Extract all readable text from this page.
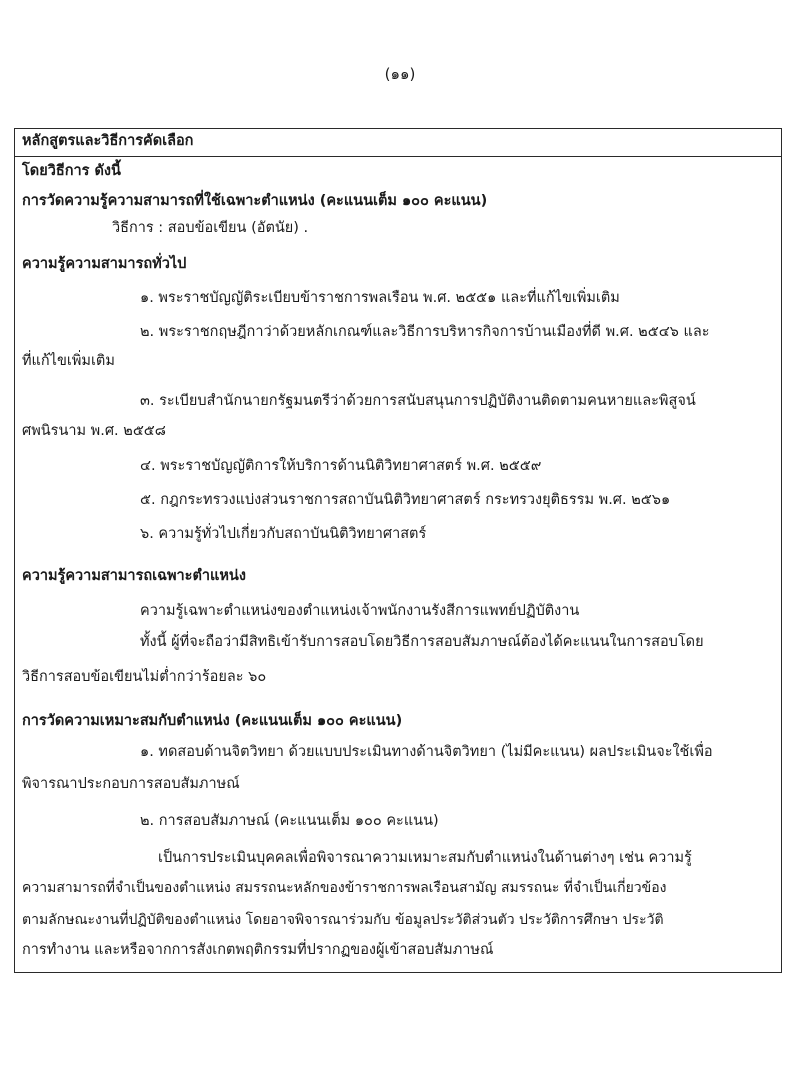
(๑๑)
หลักสูตรและวิธีการคัดเลือก
โดยวิธีการ ดังนี้
การวัดความรู้ความสามารถที่ใช้เฉพาะตำแหน่ง (คะแนนเต็ม ๑๐๐ คะแนน)
วิธีการ : สอบข้อเขียน (อัตนัย) .
ความรู้ความสามารถทั่วไป
๑. พระราชบัญญัติระเบียบข้าราชการพลเรือน พ.ศ. ๒๕๕๑ และที่แก้ไขเพิ่มเติม
๒. พระราชกฤษฎีกาว่าด้วยหลักเกณฑ์และวิธีการบริหารกิจการบ้านเมืองที่ดี พ.ศ. ๒๕๔๖ และ
ที่แก้ไขเพิ่มเติม
๓. ระเบียบสำนักนายกรัฐมนตรีว่าด้วยการสนับสนุนการปฏิบัติงานติดตามคนหายและพิสูจน์
ศพนิรนาม พ.ศ. ๒๕๕๘
๔. พระราชบัญญัติการให้บริการด้านนิติวิทยาศาสตร์ พ.ศ. ๒๕๕๙
๕. กฎกระทรวงแบ่งส่วนราชการสถาบันนิติวิทยาศาสตร์ กระทรวงยุติธรรม พ.ศ. ๒๕๖๑
๖. ความรู้ทั่วไปเกี่ยวกับสถาบันนิติวิทยาศาสตร์
ความรู้ความสามารถเฉพาะตำแหน่ง
ความรู้เฉพาะตำแหน่งของตำแหน่งเจ้าพนักงานรังสีการแพทย์ปฏิบัติงาน
ทั้งนี้ ผู้ที่จะถือว่ามีสิทธิเข้ารับการสอบโดยวิธีการสอบสัมภาษณ์ต้องได้คะแนนในการสอบโดย
วิธีการสอบข้อเขียนไม่ต่ำกว่าร้อยละ ๖๐
การวัดความเหมาะสมกับตำแหน่ง (คะแนนเต็ม ๑๐๐ คะแนน)
๑. ทดสอบด้านจิตวิทยา ด้วยแบบประเมินทางด้านจิตวิทยา (ไม่มีคะแนน) ผลประเมินจะใช้เพื่อ
พิจารณาประกอบการสอบสัมภาษณ์
๒. การสอบสัมภาษณ์ (คะแนนเต็ม ๑๐๐ คะแนน)
เป็นการประเมินบุคคลเพื่อพิจารณาความเหมาะสมกับตำแหน่งในด้านต่างๆ เช่น ความรู้
ความสามารถที่จำเป็นของตำแหน่ง สมรรถนะหลักของข้าราชการพลเรือนสามัญ สมรรถนะ ที่จำเป็นเกี่ยวข้อง
ตามลักษณะงานที่ปฏิบัติของตำแหน่ง โดยอาจพิจารณาร่วมกับ ข้อมูลประวัติส่วนตัว ประวัติการศึกษา ประวัติ
การทำงาน และหรือจากการสังเกตพฤติกรรมที่ปรากฏของผู้เข้าสอบสัมภาษณ์
